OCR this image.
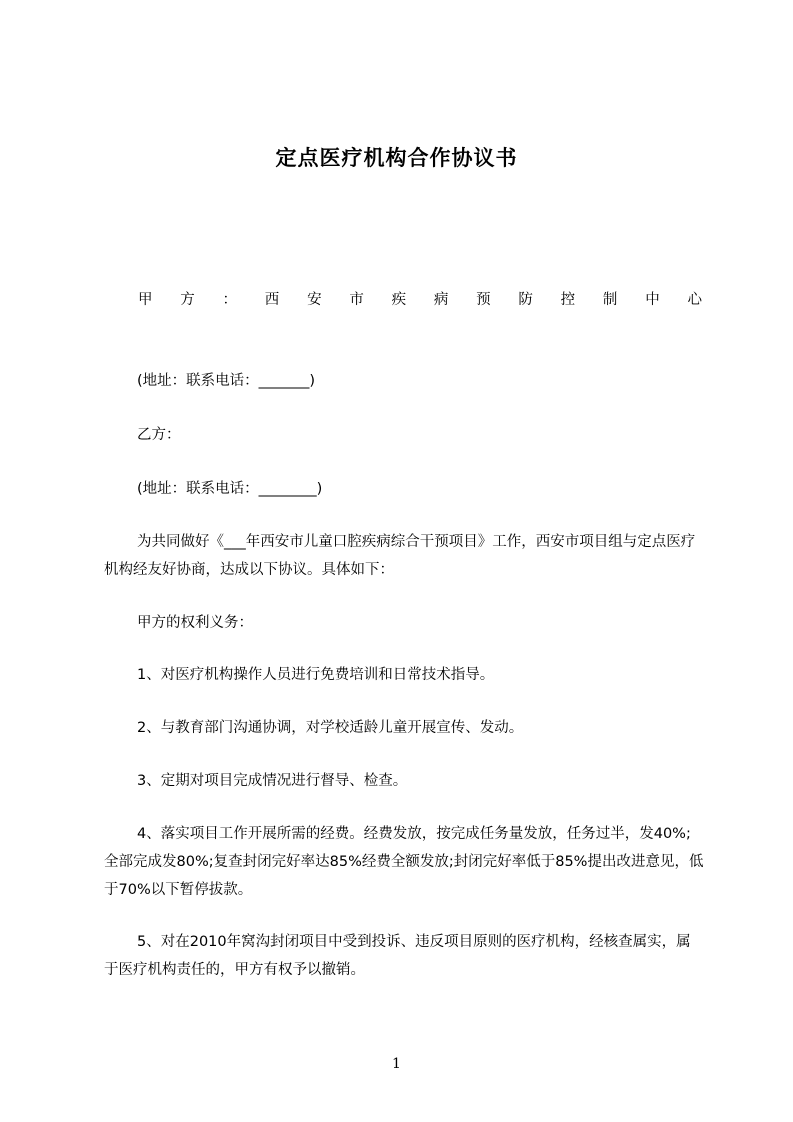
定点医疗机构合作协议书
甲 方 ： 西 安 市 疾 病 预 防 控 制 中 心
(地址：联系电话：_______)
乙方：
(地址：联系电话：________)
为共同做好《___年西安市儿童口腔疾病综合干预项目》工作，西安市项目组与定点医疗机构经友好协商，达成以下协议。具体如下：
甲方的权利义务：
1、对医疗机构操作人员进行免费培训和日常技术指导。
2、与教育部门沟通协调，对学校适龄儿童开展宣传、发动。
3、定期对项目完成情况进行督导、检查。
4、落实项目工作开展所需的经费。经费发放，按完成任务量发放，任务过半，发40%;全部完成发80%;复查封闭完好率达85%经费全额发放;封闭完好率低于85%提出改进意见，低于70%以下暂停拔款。
5、对在2010年窝沟封闭项目中受到投诉、违反项目原则的医疗机构，经核查属实，属于医疗机构责任的，甲方有权予以撤销。
1
